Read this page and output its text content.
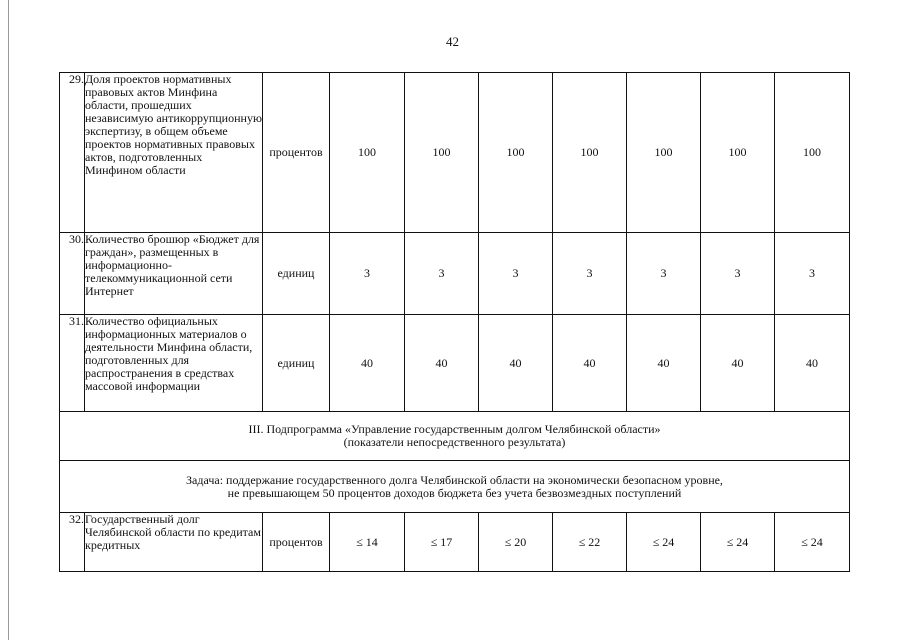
42
29.	Доля проектов нормативных правовых актов Минфина области, прошедших независимую антикоррупционную экспертизу, в общем объеме проектов нормативных правовых актов, подготовленных Минфином области	процентов	100	100	100	100	100	100	100
30.	Количество брошюр «Бюджет для граждан», размещенных в информационно-телекоммуникационной сети Интернет	единиц	3	3	3	3	3	3	3
31.	Количество официальных информационных материалов о деятельности Минфина области, подготовленных для распространения в средствах массовой информации	единиц	40	40	40	40	40	40	40

III. Подпрограмма «Управление государственным долгом Челябинской области»
(показатели непосредственного результата)									

Задача: поддержание государственного долга Челябинской области на экономически безопасном уровне,
не превышающем 50 процентов доходов бюджета без учета безвозмездных поступлений									

32.	Государственный долг Челябинской области по кредитам кредитных	процентов	≤ 14	≤ 17	≤ 20	≤ 22	≤ 24	≤ 24	≤ 24
